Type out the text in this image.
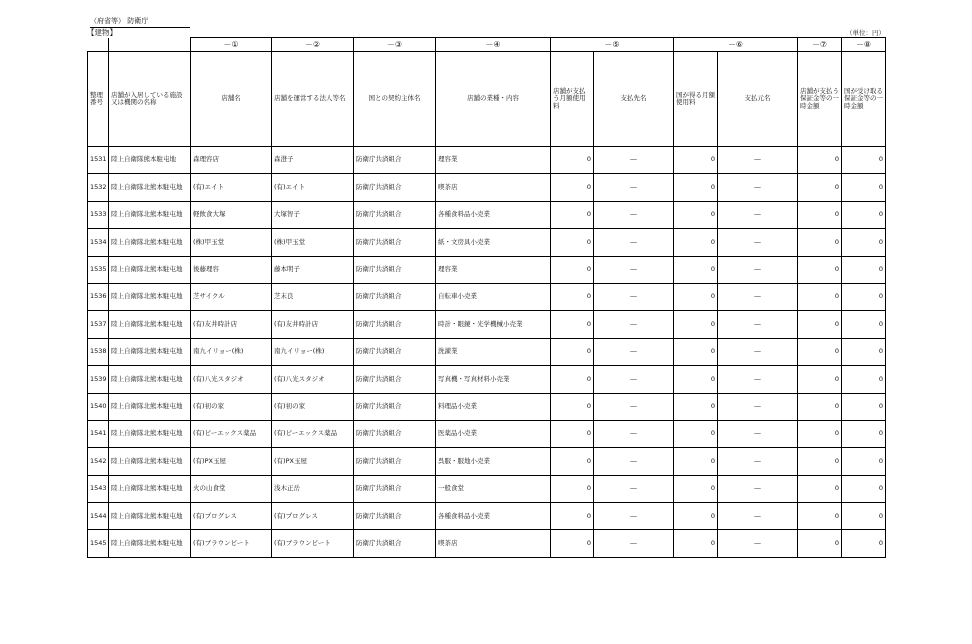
（府省等） 防衛庁
【建物】	（単位：円）
		－①	－②	－③	－④	－⑤		－⑥		－⑦	－⑧
整理番号	店舗が入居している施設又は機関の名称	店舗名	店舗を運営する法人等名	国との契約主体名	店舗の業種・内容	店舗が支払う月額使用料	支払先名	国が得る月額使用料	支払元名	店舗が支払う保証金等の一時金額	国が受け取る保証金等の一時金額
1531	陸上自衛隊熊本駐屯地	森理容店	森澄子	防衛庁共済組合	理容業	0	―	0	―	0	0
1532	陸上自衛隊北熊本駐屯地	(有)エイト	(有)エイト	防衛庁共済組合	喫茶店	0	―	0	―	0	0
1533	陸上自衛隊北熊本駐屯地	軽飲食大塚	大塚智子	防衛庁共済組合	各種食料品小売業	0	―	0	―	0	0
1534	陸上自衛隊北熊本駐屯地	(株)甲玉堂	(株)甲玉堂	防衛庁共済組合	紙・文房具小売業	0	―	0	―	0	0
1535	陸上自衛隊北熊本駐屯地	後藤理容	藤本明子	防衛庁共済組合	理容業	0	―	0	―	0	0
1536	陸上自衛隊北熊本駐屯地	芝サイクル	芝末良	防衛庁共済組合	自転車小売業	0	―	0	―	0	0
1537	陸上自衛隊北熊本駐屯地	(有)友井時計店	(有)友井時計店	防衛庁共済組合	時計・眼鏡・光学機械小売業	0	―	0	―	0	0
1538	陸上自衛隊北熊本駐屯地	南九イリョー(株)	南九イリョー(株)	防衛庁共済組合	洗濯業	0	―	0	―	0	0
1539	陸上自衛隊北熊本駐屯地	(有)八光スタジオ	(有)八光スタジオ	防衛庁共済組合	写真機・写真材料小売業	0	―	0	―	0	0
1540	陸上自衛隊北熊本駐屯地	(有)初の家	(有)初の家	防衛庁共済組合	料理品小売業	0	―	0	―	0	0
1541	陸上自衛隊北熊本駐屯地	(有)ピーエックス薬品	(有)ピーエックス薬品	防衛庁共済組合	医薬品小売業	0	―	0	―	0	0
1542	陸上自衛隊北熊本駐屯地	(有)PX玉屋	(有)PX玉屋	防衛庁共済組合	呉服・服地小売業	0	―	0	―	0	0
1543	陸上自衛隊北熊本駐屯地	火の山食堂	浅木正岳	防衛庁共済組合	一般食堂	0	―	0	―	0	0
1544	陸上自衛隊北熊本駐屯地	(有)プログレス	(有)プログレス	防衛庁共済組合	各種食料品小売業	0	―	0	―	0	0
1545	陸上自衛隊北熊本駐屯地	(有)ブラウンビート	(有)ブラウンビート	防衛庁共済組合	喫茶店	0	―	0	―	0	0
